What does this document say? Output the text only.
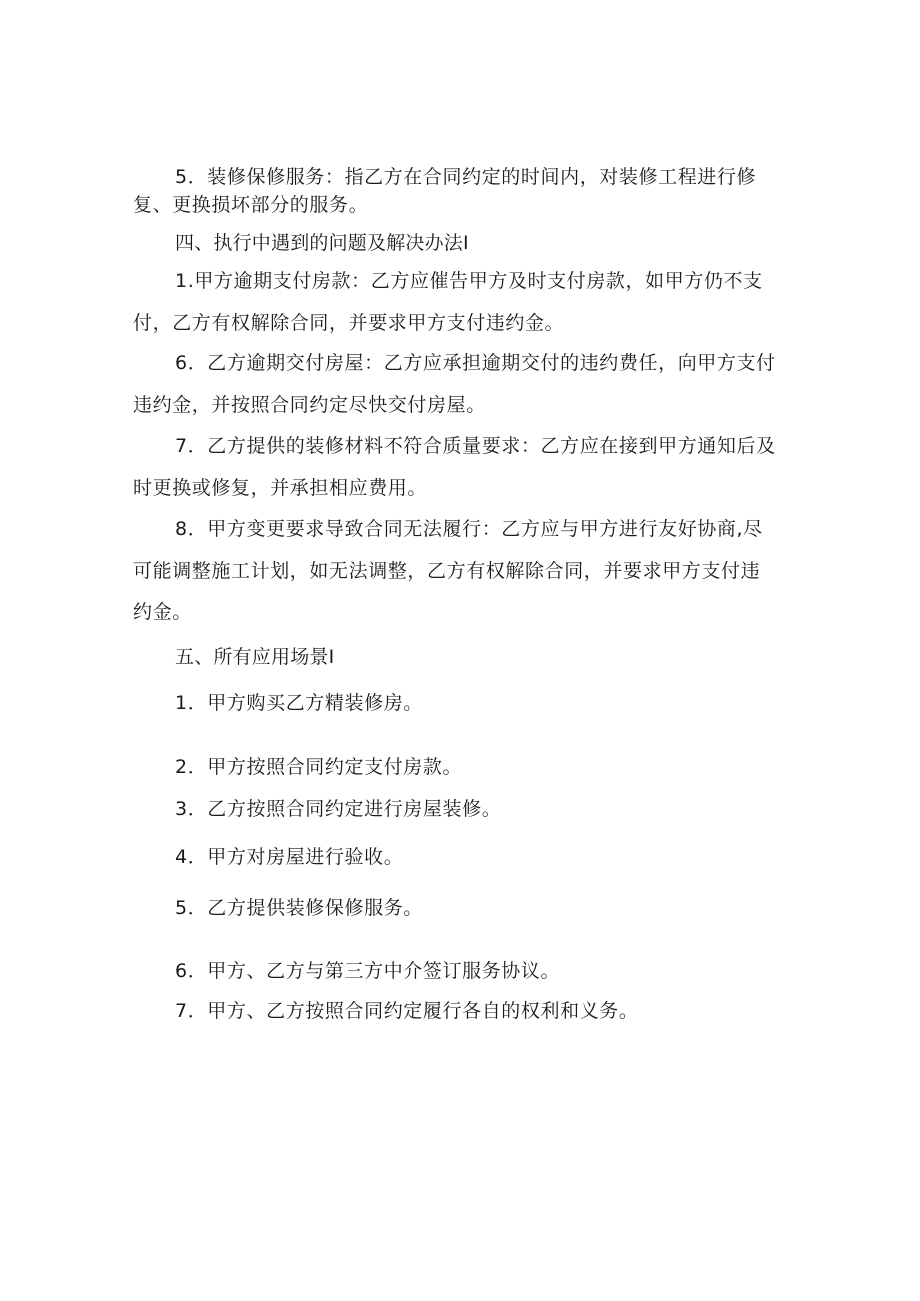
5．装修保修服务：指乙方在合同约定的时间内，对装修工程进行修
复、更换损坏部分的服务。
四、执行中遇到的问题及解决办法I
1.甲方逾期支付房款：乙方应催告甲方及时支付房款，如甲方仍不支
付，乙方有权解除合同，并要求甲方支付违约金。
6．乙方逾期交付房屋：乙方应承担逾期交付的违约费任，向甲方支付
违约金，并按照合同约定尽快交付房屋。
7．乙方提供的装修材料不符合质量要求：乙方应在接到甲方通知后及
时更换或修复，并承担相应费用。
8．甲方变更要求导致合同无法履行：乙方应与甲方进行友好协商,尽
可能调整施工计划，如无法调整，乙方有权解除合同，并要求甲方支付违
约金。
五、所有应用场景I
1．甲方购买乙方精装修房。
2．甲方按照合同约定支付房款。
3．乙方按照合同约定进行房屋装修。
4．甲方对房屋进行验收。
5．乙方提供装修保修服务。
6．甲方、乙方与第三方中介签订服务协议。
7．甲方、乙方按照合同约定履行各自的权利和义务。
